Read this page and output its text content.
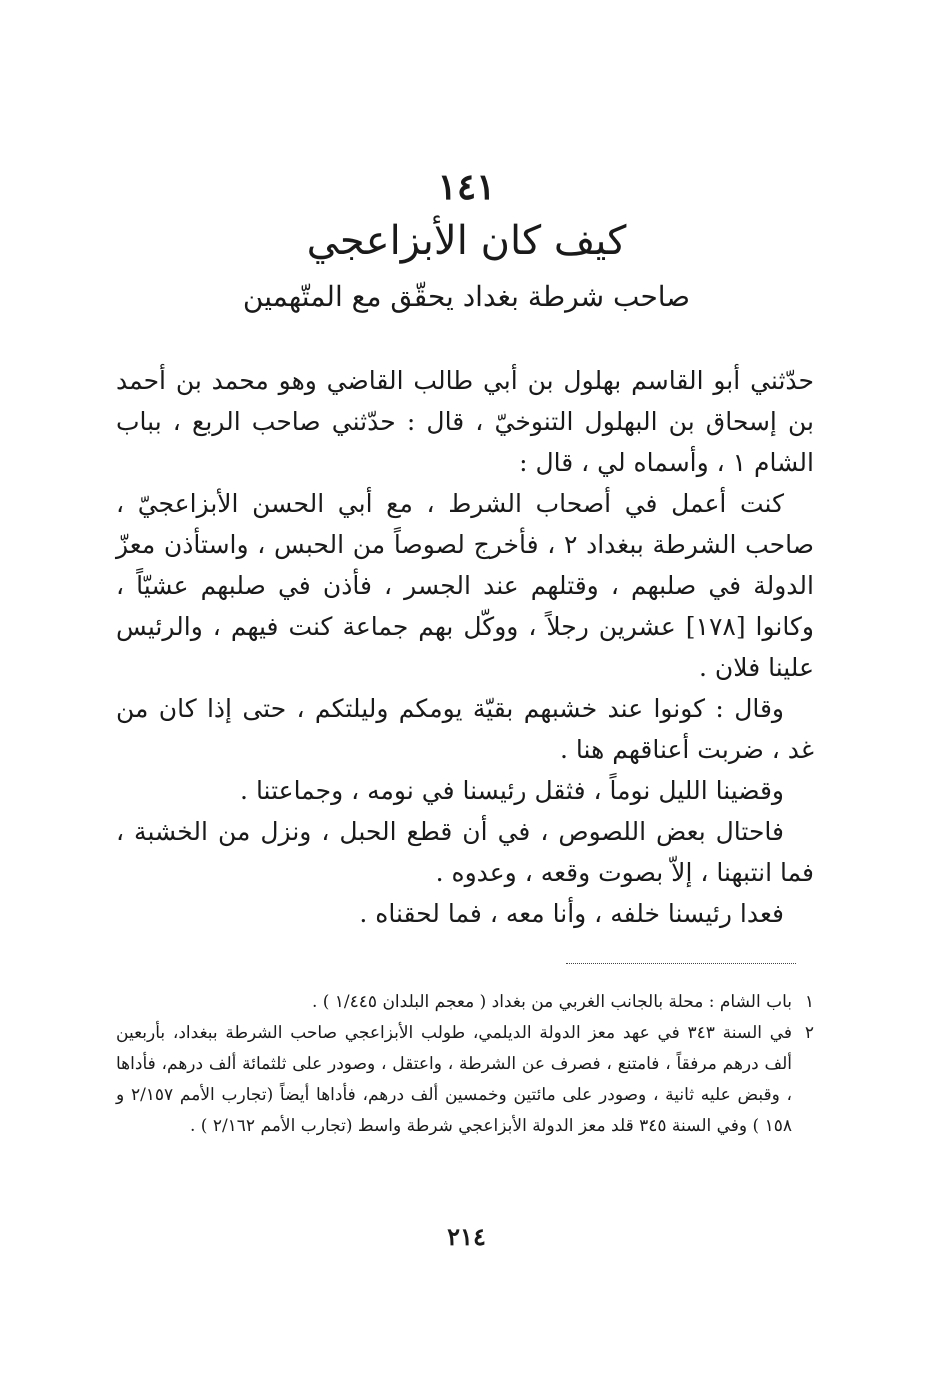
١٤١
كيف كان الأبزاعجي
صاحب شرطة بغداد يحقّق مع المتّهمين

حدّثني أبو القاسم بهلول بن أبي طالب القاضي وهو محمد بن أحمد بن إسحاق بن البهلول التنوخيّ ، قال : حدّثني صاحب الربع ، بباب الشام ١ ، وأسماه لي ، قال :

كنت أعمل في أصحاب الشرط ، مع أبي الحسن الأبزاعجيّ ، صاحب الشرطة ببغداد ٢ ، فأخرج لصوصاً من الحبس ، واستأذن معزّ الدولة في صلبهم ، وقتلهم عند الجسر ، فأذن في صلبهم عشيّاً ، وكانوا [١٧٨] عشرين رجلاً ، ووكّل بهم جماعة كنت فيهم ، والرئيس علينا فلان .

وقال : كونوا عند خشبهم بقيّة يومكم وليلتكم ، حتى إذا كان من غد ، ضربت أعناقهم هنا .

وقضينا الليل نوماً ، فثقل رئيسنا في نومه ، وجماعتنا .

فاحتال بعض اللصوص ، في أن قطع الحبل ، ونزل من الخشبة ، فما انتبهنا ، إلاّ بصوت وقعه ، وعدوه .

فعدا رئيسنا خلفه ، وأنا معه ، فما لحقناه .

١
باب الشام : محلة بالجانب الغربي من بغداد ( معجم البلدان ١/٤٤٥ ) .
٢
في السنة ٣٤٣ في عهد معز الدولة الديلمي، طولب الأبزاعجي صاحب الشرطة ببغداد، بأربعين ألف درهم مرفقاً ، فامتنع ، فصرف عن الشرطة ، واعتقل ، وصودر على ثلثمائة ألف درهم، فأداها ، وقبض عليه ثانية ، وصودر على مائتين وخمسين ألف درهم، فأداها أيضاً (تجارب الأمم ٢/١٥٧ و ١٥٨ ) وفي السنة ٣٤٥ قلد معز الدولة الأبزاعجي شرطة واسط (تجارب الأمم ٢/١٦٢ ) .
٢١٤
